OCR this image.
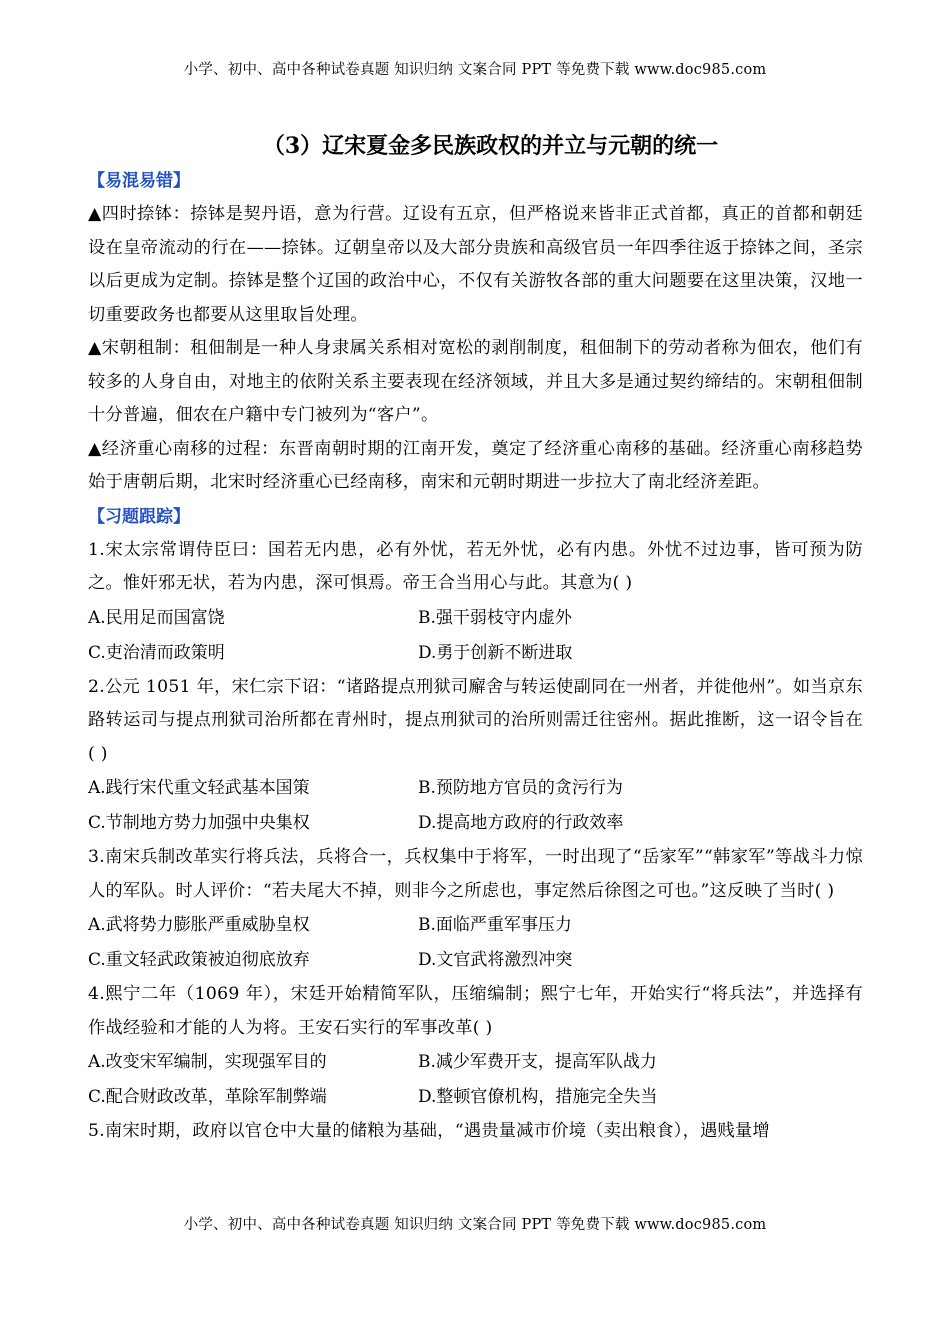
小学、初中、高中各种试卷真题 知识归纳 文案合同 PPT 等免费下载 www.doc985.com
（3）辽宋夏金多民族政权的并立与元朝的统一
【易混易错】
▲四时捺钵：捺钵是契丹语，意为行营。辽设有五京，但严格说来皆非正式首都，真正的首都和朝廷设在皇帝流动的行在——捺钵。辽朝皇帝以及大部分贵族和高级官员一年四季往返于捺钵之间，圣宗以后更成为定制。捺钵是整个辽国的政治中心，不仅有关游牧各部的重大问题要在这里决策，汉地一切重要政务也都要从这里取旨处理。
▲宋朝租制：租佃制是一种人身隶属关系相对宽松的剥削制度，租佃制下的劳动者称为佃农，他们有较多的人身自由，对地主的依附关系主要表现在经济领域，并且大多是通过契约缔结的。宋朝租佃制十分普遍，佃农在户籍中专门被列为“客户”。
▲经济重心南移的过程：东晋南朝时期的江南开发，奠定了经济重心南移的基础。经济重心南移趋势始于唐朝后期，北宋时经济重心已经南移，南宋和元朝时期进一步拉大了南北经济差距。
【习题跟踪】
1.宋太宗常谓侍臣曰：国若无内患，必有外忧，若无外忧，必有内患。外忧不过边事，皆可预为防之。惟奸邪无状，若为内患，深可惧焉。帝王合当用心与此。其意为( )
A.民用足而国富饶	B.强干弱枝守内虚外
C.吏治清而政策明	D.勇于创新不断进取
2.公元 1051 年，宋仁宗下诏：“诸路提点刑狱司廨舍与转运使副同在一州者，并徙他州”。如当京东路转运司与提点刑狱司治所都在青州时，提点刑狱司的治所则需迁往密州。据此推断，这一诏令旨在( )
A.践行宋代重文轻武基本国策	B.预防地方官员的贪污行为
C.节制地方势力加强中央集权	D.提高地方政府的行政效率
3.南宋兵制改革实行将兵法，兵将合一，兵权集中于将军，一时出现了“岳家军”“韩家军”等战斗力惊人的军队。时人评价：“若夫尾大不掉，则非今之所虑也，事定然后徐图之可也。”这反映了当时( )
A.武将势力膨胀严重威胁皇权	B.面临严重军事压力
C.重文轻武政策被迫彻底放弃	D.文官武将激烈冲突
4.熙宁二年（1069 年），宋廷开始精简军队，压缩编制；熙宁七年，开始实行“将兵法”，并选择有作战经验和才能的人为将。王安石实行的军事改革( )
A.改变宋军编制，实现强军目的	B.减少军费开支，提高军队战力
C.配合财政改革，革除军制弊端	D.整顿官僚机构，措施完全失当
5.南宋时期，政府以官仓中大量的储粮为基础，“遇贵量减市价境（卖出粮食），遇贱量增
小学、初中、高中各种试卷真题 知识归纳 文案合同 PPT 等免费下载 www.doc985.com
